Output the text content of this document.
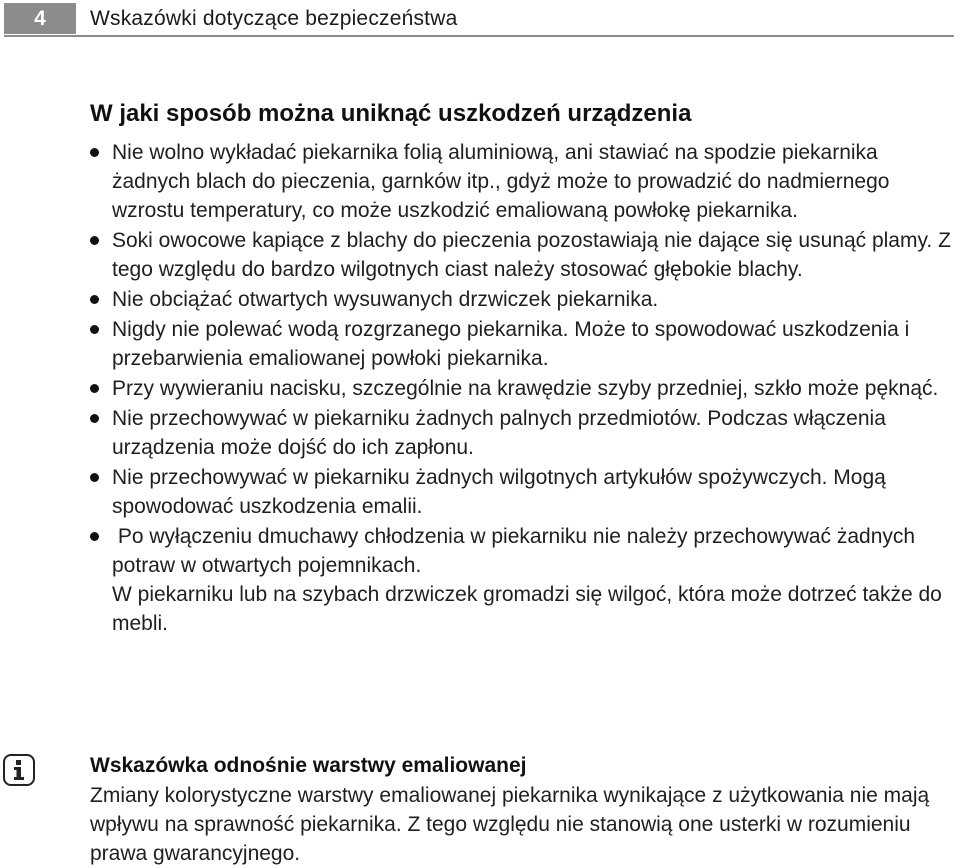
4	Wskazówki dotyczące bezpieczeństwa
W jaki sposób można uniknąć uszkodzeń urządzenia
Nie wolno wykładać piekarnika folią aluminiową, ani stawiać na spodzie piekarnika żadnych blach do pieczenia, garnków itp., gdyż może to prowadzić do nadmiernego wzrostu temperatury, co może uszkodzić emaliowaną powłokę piekarnika.
Soki owocowe kapiące z blachy do pieczenia pozostawiają nie dające się usunąć plamy. Z tego względu do bardzo wilgotnych ciast należy stosować głębokie blachy.
Nie obciążać otwartych wysuwanych drzwiczek piekarnika.
Nigdy nie polewać wodą rozgrzanego piekarnika. Może to spowodować uszkodzenia i przebarwienia emaliowanej powłoki piekarnika.
Przy wywieraniu nacisku, szczególnie na krawędzie szyby przedniej, szkło może pęknąć.
Nie przechowywać w piekarniku żadnych palnych przedmiotów. Podczas włączenia urządzenia może dojść do ich zapłonu.
Nie przechowywać w piekarniku żadnych wilgotnych artykułów spożywczych. Mogą spowodować uszkodzenia emalii.
Po wyłączeniu dmuchawy chłodzenia w piekarniku nie należy przechowywać żadnych potraw w otwartych pojemnikach.
W piekarniku lub na szybach drzwiczek gromadzi się wilgoć, która może dotrzeć także do mebli.
Wskazówka odnośnie warstwy emaliowanej
Zmiany kolorystyczne warstwy emaliowanej piekarnika wynikające z użytkowania nie mają wpływu na sprawność piekarnika. Z tego względu nie stanowią one usterki w rozumieniu prawa gwarancyjnego.
